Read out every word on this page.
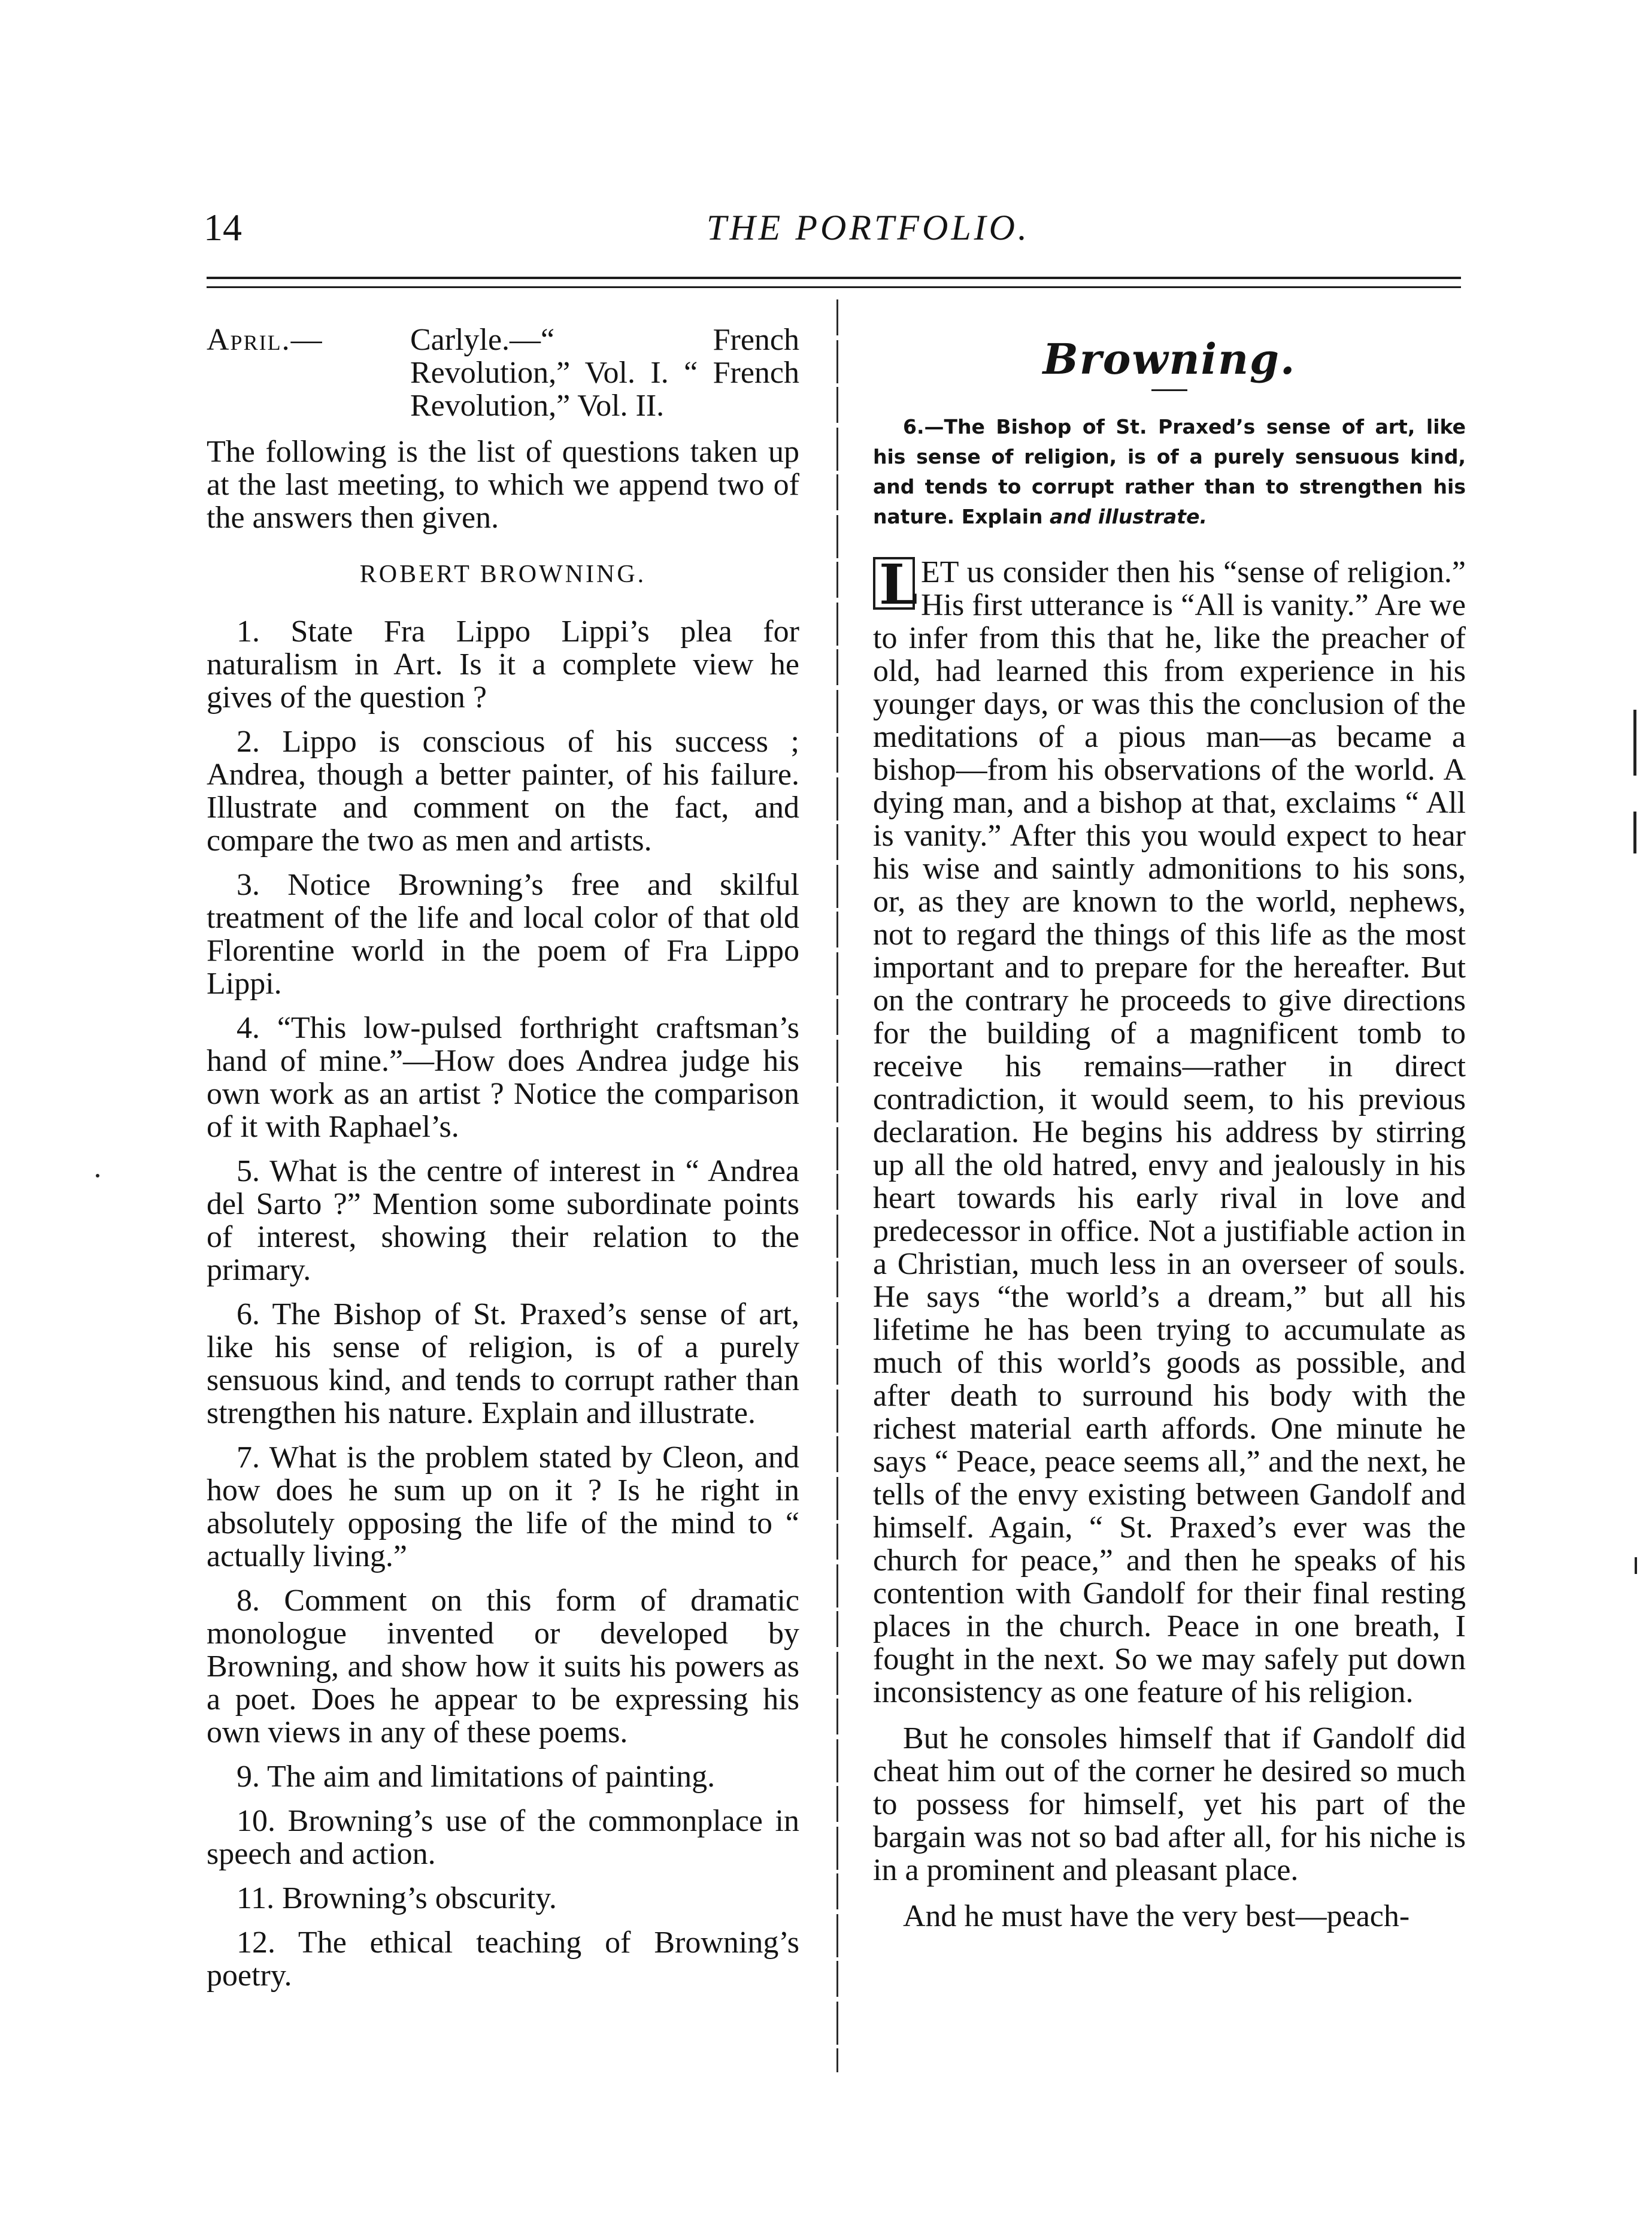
14	THE PORTFOLIO.
April.—	Carlyle.—“ French Revolution,” Vol. I. “ French Revolution,” Vol. II.

The following is the list of questions taken up at the last meeting, to which we append two of the answers then given.

ROBERT BROWNING.

1. State Fra Lippo Lippi’s plea for naturalism in Art. Is it a complete view he gives of the question ?

2. Lippo is conscious of his success ; Andrea, though a better painter, of his failure. Illustrate and comment on the fact, and compare the two as men and artists.

3. Notice Browning’s free and skilful treatment of the life and local color of that old Florentine world in the poem of Fra Lippo Lippi.

4. “This low-pulsed forthright craftsman’s hand of mine.”—How does Andrea judge his own work as an artist ? Notice the comparison of it with Raphael’s.

5. What is the centre of interest in “ Andrea del Sarto ?” Mention some subordinate points of interest, showing their relation to the primary.

6. The Bishop of St. Praxed’s sense of art, like his sense of religion, is of a purely sensuous kind, and tends to corrupt rather than strengthen his nature. Explain and illustrate.

7. What is the problem stated by Cleon, and how does he sum up on it ? Is he right in absolutely opposing the life of the mind to “ actually living.”

8. Comment on this form of dramatic monologue invented or developed by Browning, and show how it suits his powers as a poet. Does he appear to be expressing his own views in any of these poems.

9. The aim and limitations of painting.

10. Browning’s use of the commonplace in speech and action.

11. Browning’s obscurity.

12. The ethical teaching of Browning’s poetry.

Browning.

6.—The Bishop of St. Praxed’s sense of art, like his sense of religion, is of a purely sensuous kind, and tends to corrupt rather than to strengthen his nature. Explain and illustrate.

L ET us consider then his “sense of religion.” His first utterance is “All is vanity.” Are we to infer from this that he, like the preacher of old, had learned this from experience in his younger days, or was this the conclusion of the meditations of a pious man—as became a bishop—from his observations of the world. A dying man, and a bishop at that, exclaims “ All is vanity.” After this you would expect to hear his wise and saintly admonitions to his sons, or, as they are known to the world, nephews, not to regard the things of this life as the most important and to prepare for the hereafter. But on the contrary he proceeds to give directions for the building of a magnificent tomb to receive his remains—rather in direct contradiction, it would seem, to his previous declaration. He begins his address by stirring up all the old hatred, envy and jealously in his heart towards his early rival in love and predecessor in office. Not a justifiable action in a Christian, much less in an overseer of souls. He says “the world’s a dream,” but all his lifetime he has been trying to accumulate as much of this world’s goods as possible, and after death to surround his body with the richest material earth affords. One minute he says “ Peace, peace seems all,” and the next, he tells of the envy existing between Gandolf and himself. Again, “ St. Praxed’s ever was the church for peace,” and then he speaks of his contention with Gandolf for their final resting places in the church. Peace in one breath, I fought in the next. So we may safely put down inconsistency as one feature of his religion.

But he consoles himself that if Gandolf did cheat him out of the corner he desired so much to possess for himself, yet his part of the bargain was not so bad after all, for his niche is in a prominent and pleasant place.

And he must have the very best—peach-
